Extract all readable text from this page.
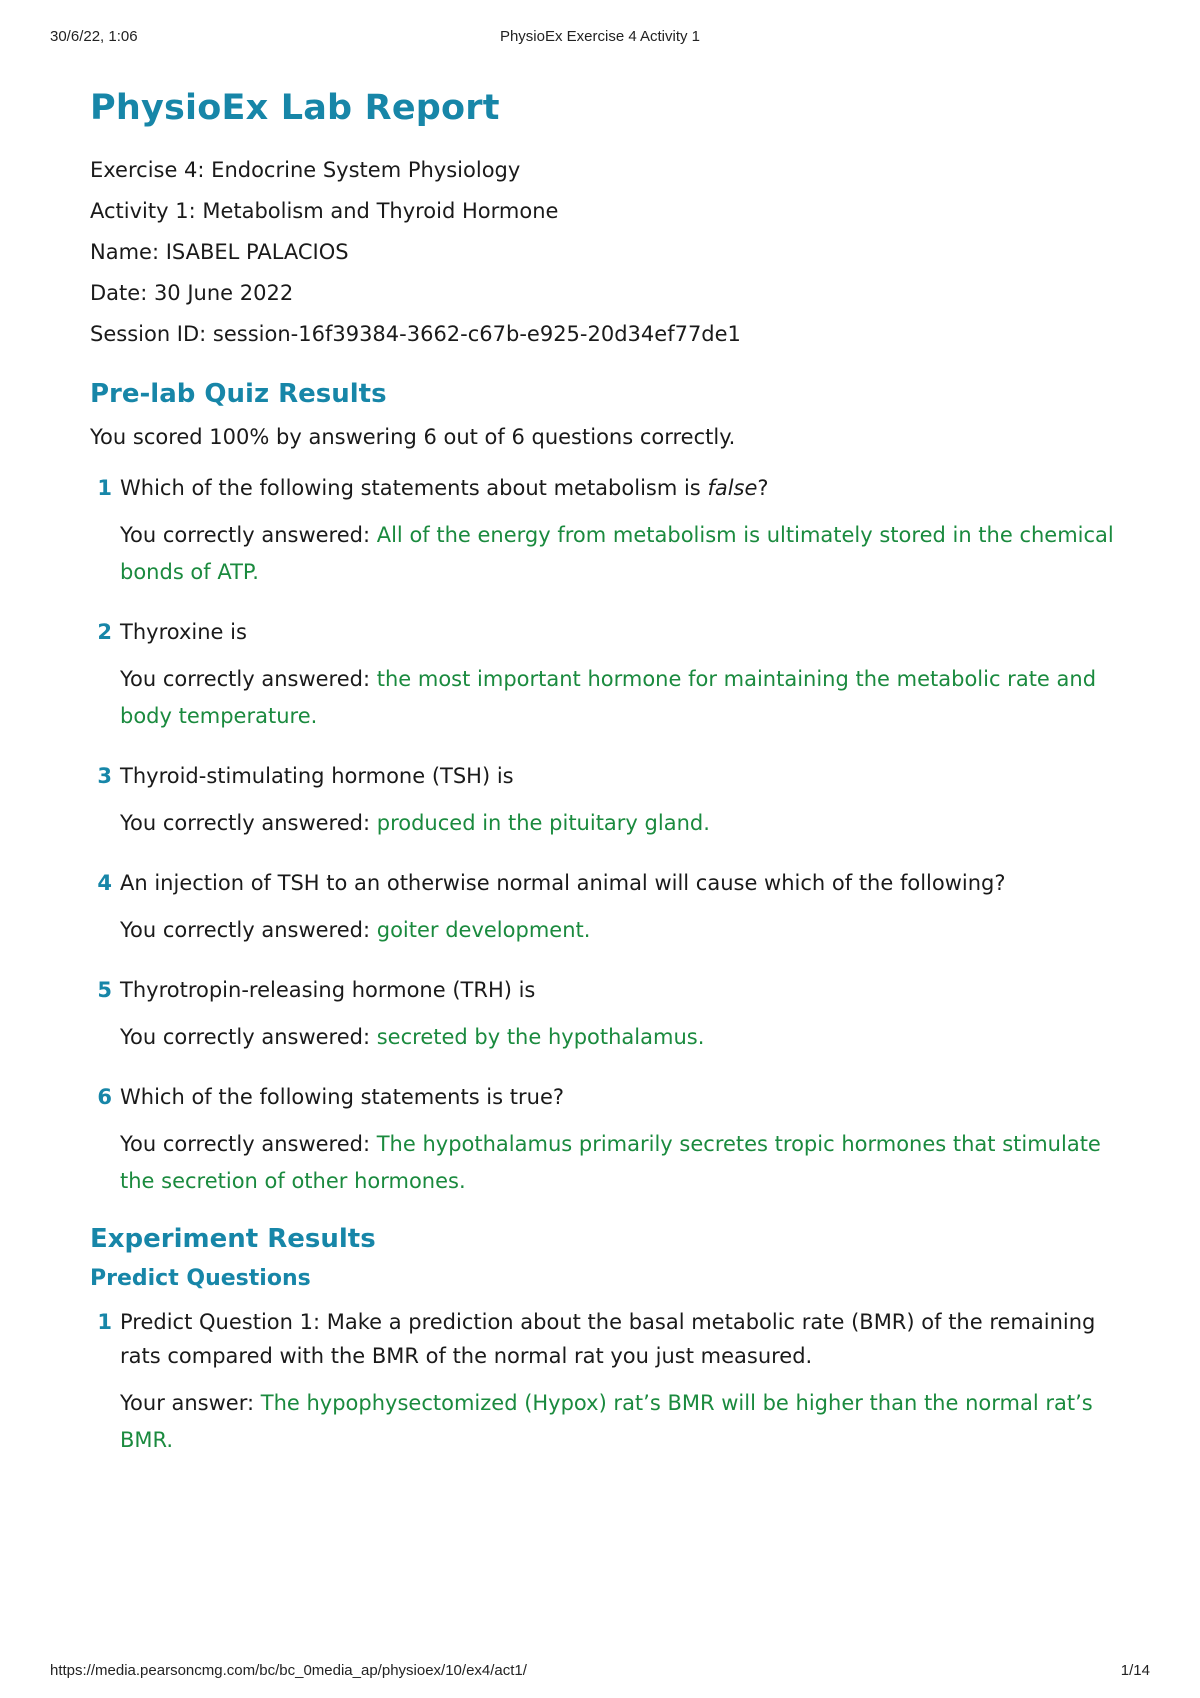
30/6/22, 1:06	PhysioEx Exercise 4 Activity 1
PhysioEx Lab Report

Exercise 4: Endocrine System Physiology

Activity 1: Metabolism and Thyroid Hormone

Name: ISABEL PALACIOS

Date: 30 June 2022

Session ID: session-16f39384-3662-c67b-e925-20d34ef77de1

Pre-lab Quiz Results

You scored 100% by answering 6 out of 6 questions correctly.

1 Which of the following statements about metabolism is false?
You correctly answered: All of the energy from metabolism is ultimately stored in the chemical bonds of ATP.
2 Thyroxine is
You correctly answered: the most important hormone for maintaining the metabolic rate and body temperature.
3 Thyroid-stimulating hormone (TSH) is
You correctly answered: produced in the pituitary gland.
4 An injection of TSH to an otherwise normal animal will cause which of the following?
You correctly answered: goiter development.
5 Thyrotropin-releasing hormone (TRH) is
You correctly answered: secreted by the hypothalamus.
6 Which of the following statements is true?
You correctly answered: The hypothalamus primarily secretes tropic hormones that stimulate the secretion of other hormones.
Experiment Results
Predict Questions
1 Predict Question 1: Make a prediction about the basal metabolic rate (BMR) of the remaining rats compared with the BMR of the normal rat you just measured.
Your answer: The hypophysectomized (Hypox) rat’s BMR will be higher than the normal rat’s BMR.
https://media.pearsoncmg.com/bc/bc_0media_ap/physioex/10/ex4/act1/	1/14
